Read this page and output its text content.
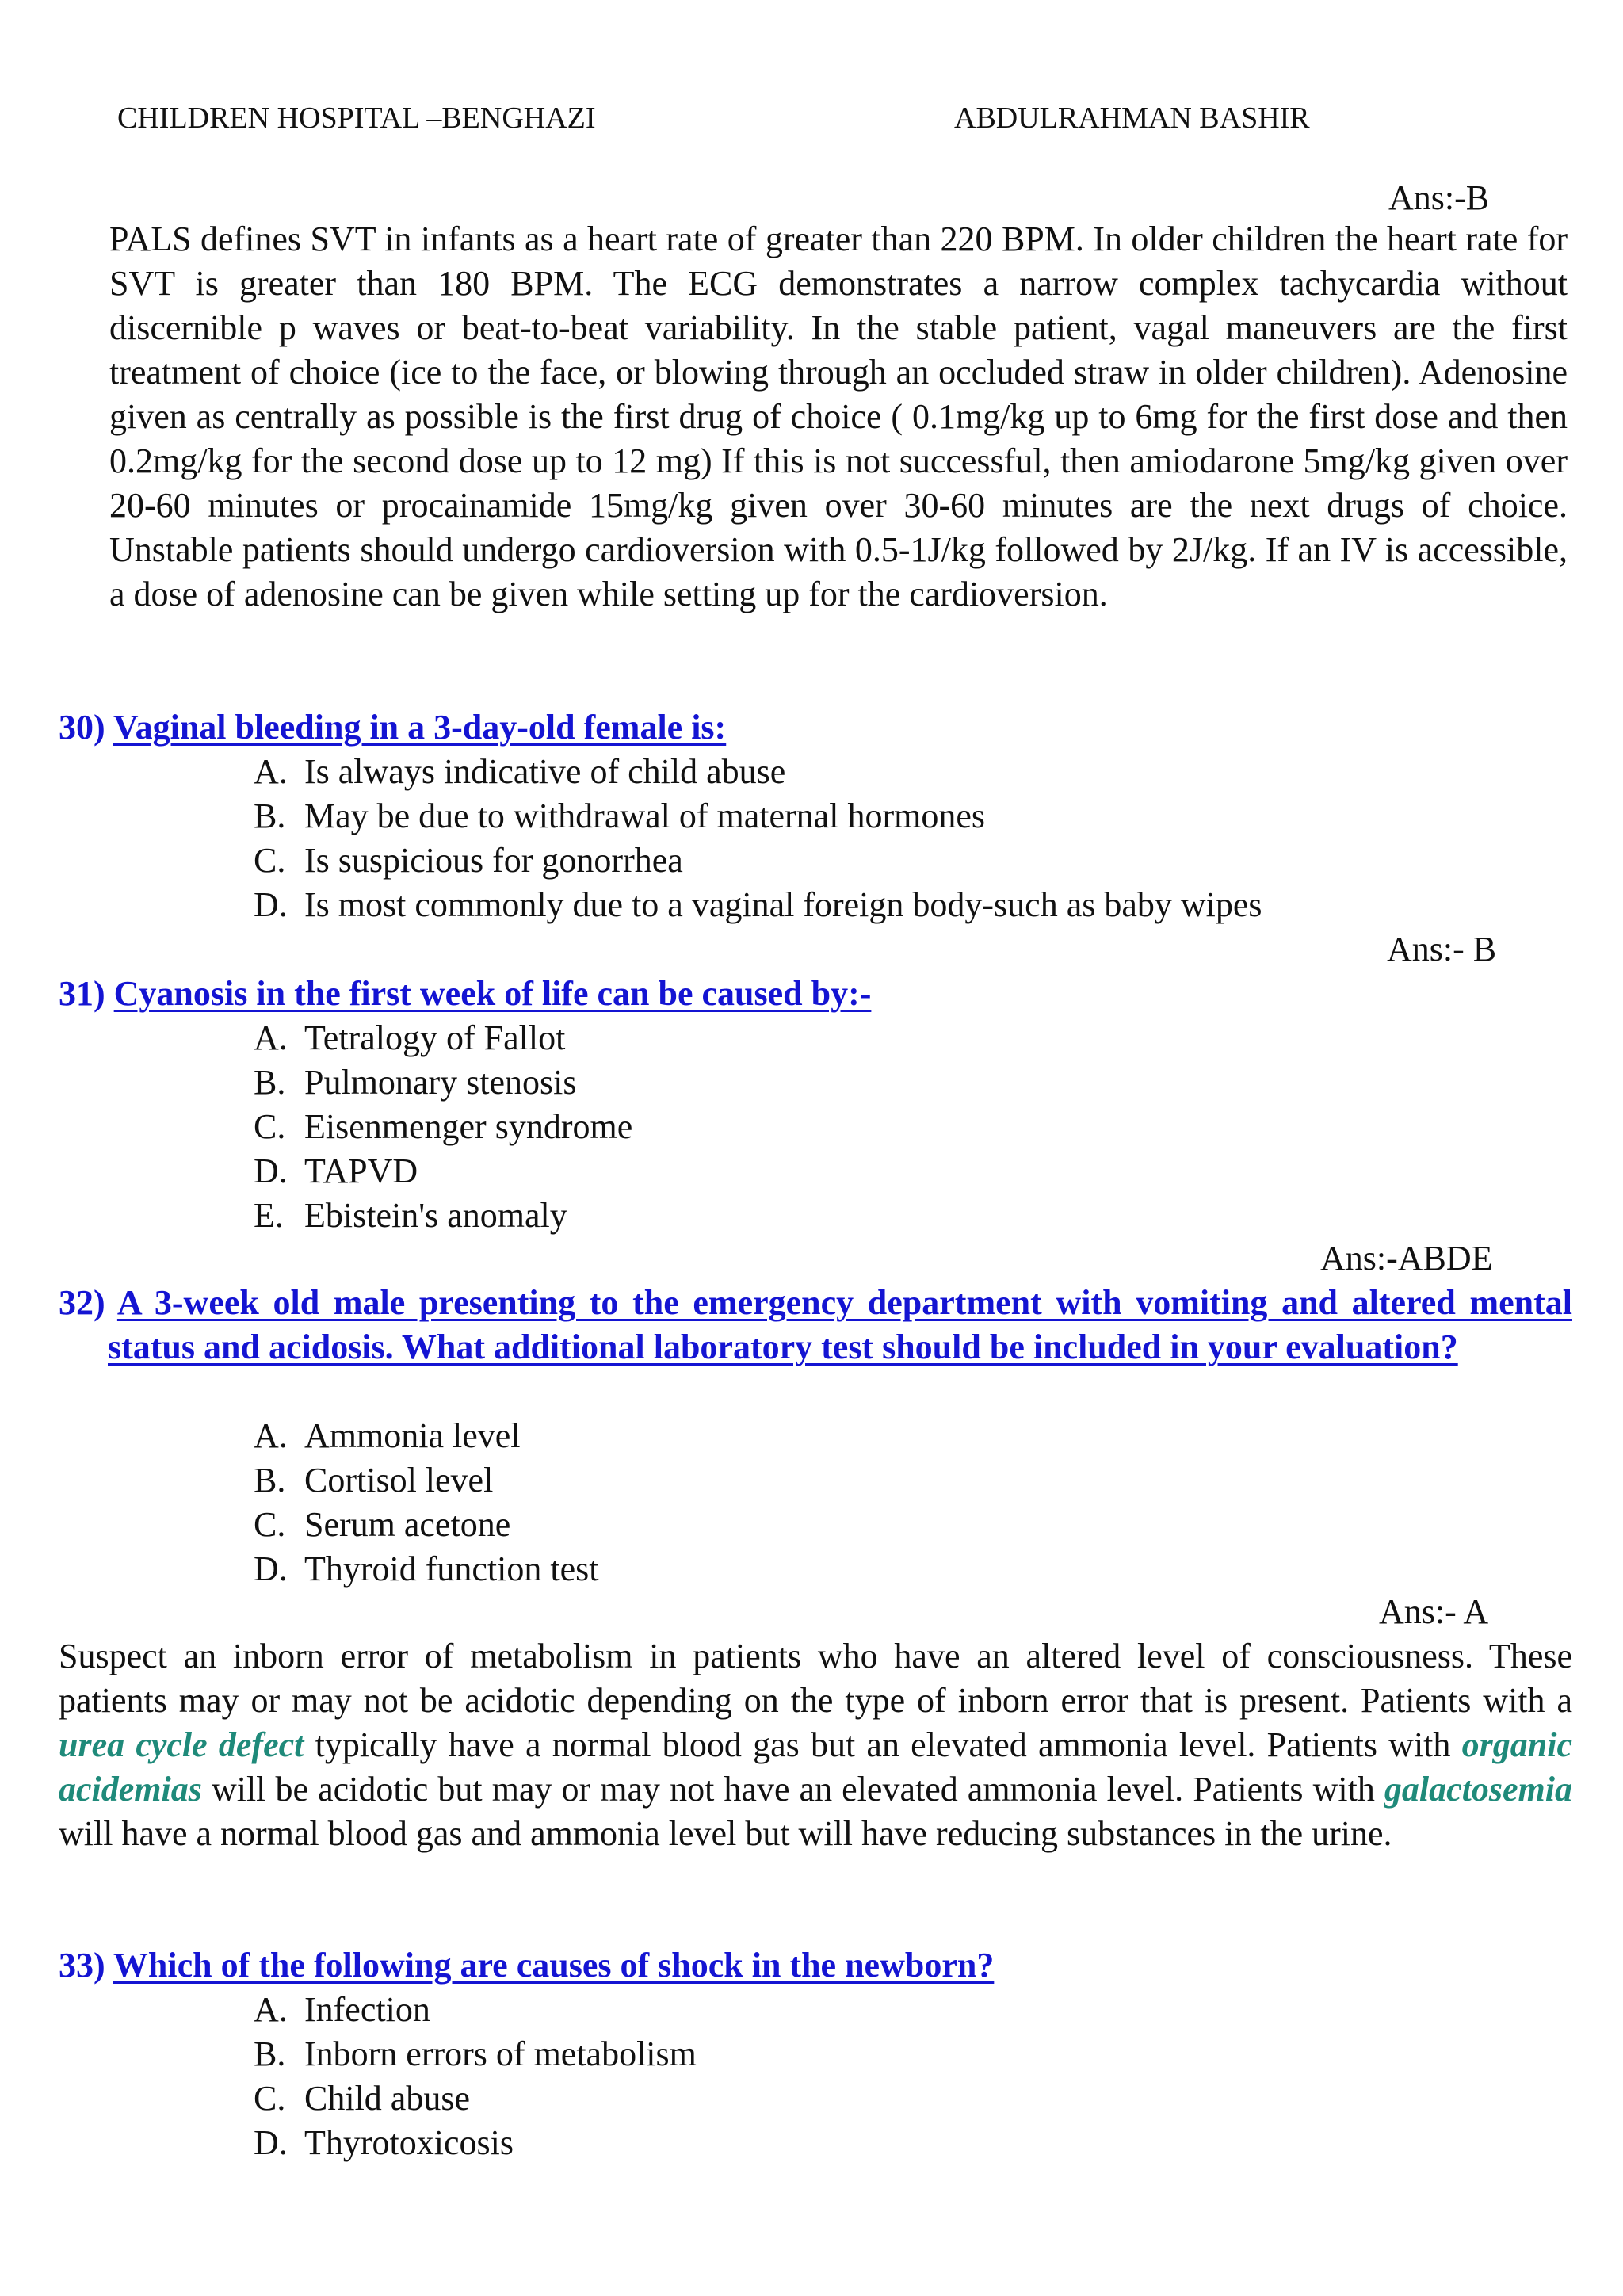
CHILDREN HOSPITAL –BENGHAZI	ABDULRAHMAN BASHIR
Ans:-B

PALS defines SVT in infants as a heart rate of greater than 220 BPM. In older children the heart rate for SVT is greater than 180 BPM. The ECG demonstrates a narrow complex tachycardia without discernible p waves or beat-to-beat variability. In the stable patient, vagal maneuvers are the first treatment of choice (ice to the face, or blowing through an occluded straw in older children). Adenosine given as centrally as possible is the first drug of choice ( 0.1mg/kg up to 6mg for the first dose and then 0.2mg/kg for the second dose up to 12 mg) If this is not successful, then amiodarone 5mg/kg given over 20-60 minutes or procainamide 15mg/kg given over 30-60 minutes are the next drugs of choice. Unstable patients should undergo cardioversion with 0.5-1J/kg followed by 2J/kg. If an IV is accessible, a dose of adenosine can be given while setting up for the cardioversion.

30) Vaginal bleeding in a 3-day-old female is:

A. Is always indicative of child abuse
B. May be due to withdrawal of maternal hormones
C. Is suspicious for gonorrhea
D. Is most commonly due to a vaginal foreign body-such as baby wipes
Ans:- B

31) Cyanosis in the first week of life can be caused by:-

A. Tetralogy of Fallot
B. Pulmonary stenosis
C. Eisenmenger syndrome
D. TAPVD
E. Ebistein's anomaly
Ans:-ABDE

32) A 3-week old male presenting to the emergency department with vomiting and altered mental status and acidosis. What additional laboratory test should be included in your evaluation?

A. Ammonia level
B. Cortisol level
C. Serum acetone
D. Thyroid function test
Ans:- A

Suspect an inborn error of metabolism in patients who have an altered level of consciousness. These patients may or may not be acidotic depending on the type of inborn error that is present. Patients with a urea cycle defect typically have a normal blood gas but an elevated ammonia level. Patients with organic acidemias will be acidotic but may or may not have an elevated ammonia level. Patients with galactosemia will have a normal blood gas and ammonia level but will have reducing substances in the urine.

33) Which of the following are causes of shock in the newborn?

A. Infection
B. Inborn errors of metabolism
C. Child abuse
D. Thyrotoxicosis
